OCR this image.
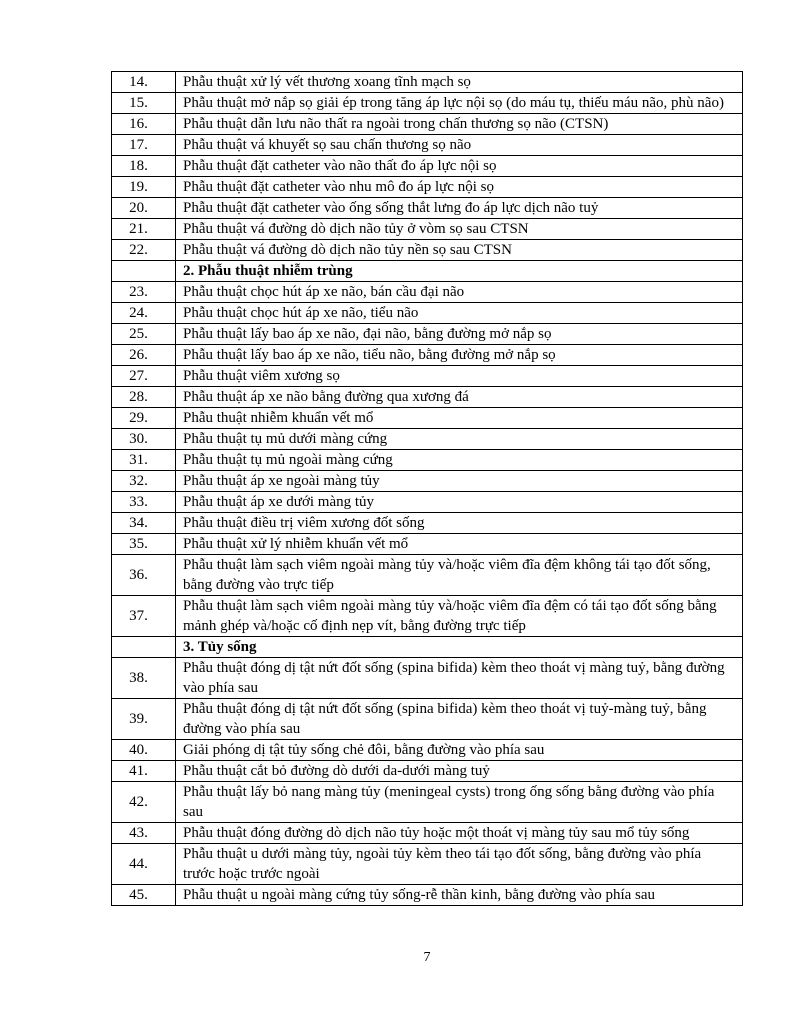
14.	Phẫu thuật xử lý vết thương xoang tĩnh mạch sọ
15.	Phẫu thuật mở nắp sọ giải ép trong tăng áp lực nội sọ (do máu tụ, thiếu máu não, phù não)
16.	Phẫu thuật dẫn lưu não thất ra ngoài trong chấn thương sọ não (CTSN)
17.	Phẫu thuật vá khuyết sọ sau chấn thương sọ não
18.	Phẫu thuật đặt catheter vào não thất đo áp lực nội sọ
19.	Phẫu thuật đặt catheter vào nhu mô đo áp lực nội sọ
20.	Phẫu thuật đặt catheter vào ống sống thắt lưng đo áp lực dịch não tuỷ
21.	Phẫu thuật vá đường dò dịch não tủy ở vòm sọ sau CTSN
22.	Phẫu thuật vá đường dò dịch não tủy nền sọ sau CTSN
	2. Phẫu thuật nhiễm trùng
23.	Phẫu thuật chọc hút áp xe não, bán cầu đại não
24.	Phẫu thuật chọc hút áp xe não, tiểu não
25.	Phẫu thuật lấy bao áp xe não, đại não, bằng đường mở nắp sọ
26.	Phẫu thuật lấy bao áp xe não, tiểu não, bằng đường mở nắp sọ
27.	Phẫu thuật viêm xương sọ
28.	Phẫu thuật áp xe não bằng đường qua xương đá
29.	Phẫu thuật nhiễm khuẩn vết mổ
30.	Phẫu thuật tụ mủ dưới màng cứng
31.	Phẫu thuật tụ mủ ngoài màng cứng
32.	Phẫu thuật áp xe ngoài màng tủy
33.	Phẫu thuật áp xe dưới màng tủy
34.	Phẫu thuật điều trị viêm xương đốt sống
35.	Phẫu thuật xử lý nhiễm khuẩn vết mổ
36.	Phẫu thuật làm sạch viêm ngoài màng tủy và/hoặc viêm đĩa đệm không tái tạo đốt sống, bằng đường vào trực tiếp
37.	Phẫu thuật làm sạch viêm ngoài màng tủy và/hoặc viêm đĩa đệm có tái tạo đốt sống bằng mảnh ghép và/hoặc cố định nẹp vít, bằng đường trực tiếp
	3. Tủy sống
38.	Phẫu thuật đóng dị tật nứt đốt sống (spina bifida) kèm theo thoát vị màng tuỷ, bằng đường vào phía sau
39.	Phẫu thuật đóng dị tật nứt đốt sống (spina bifida) kèm theo thoát vị tuỷ-màng tuỷ, bằng đường vào phía sau
40.	Giải phóng dị tật tủy sống chẻ đôi, bằng đường vào phía sau
41.	Phẫu thuật cắt bỏ đường dò dưới da-dưới màng tuỷ
42.	Phẫu thuật lấy bỏ nang màng tủy (meningeal cysts) trong ống sống bằng đường vào phía sau
43.	Phẫu thuật đóng đường dò dịch não tủy hoặc một thoát vị màng tủy sau mổ tủy sống
44.	Phẫu thuật u dưới màng tủy, ngoài tủy kèm theo tái tạo đốt sống, bằng đường vào phía trước hoặc trước ngoài
45.	Phẫu thuật u ngoài màng cứng tủy sống-rễ thần kinh, bằng đường vào phía sau
7
